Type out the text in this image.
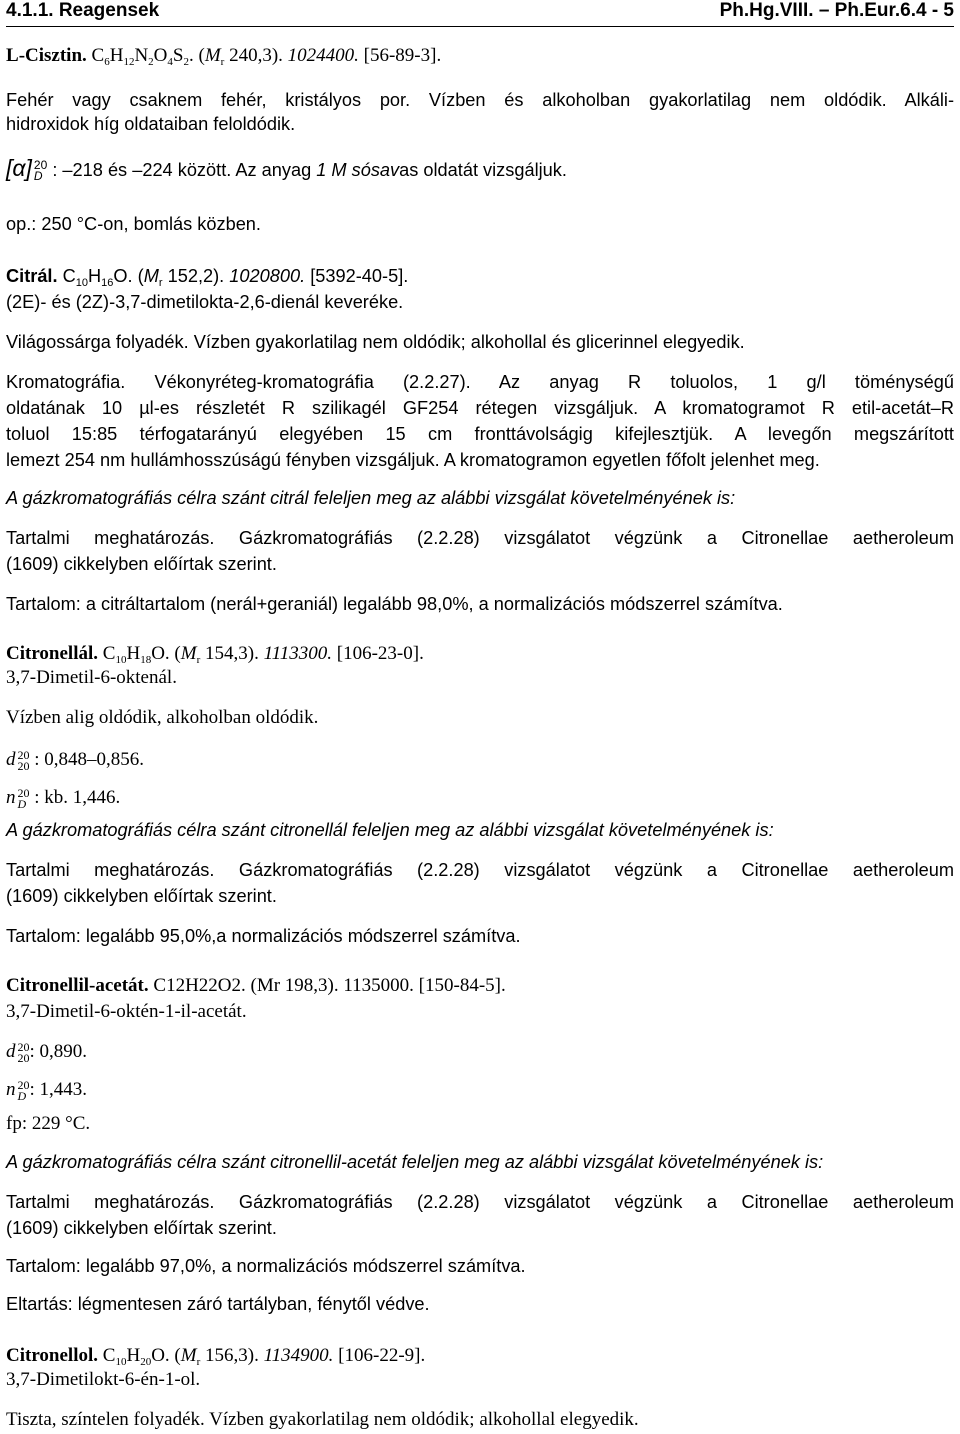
4.1.1. Reagensek	Ph.Hg.VIII. – Ph.Eur.6.4 - 5
L-Cisztin. $C_6H_{12}N_2O_4S_2$. ($M_r$ 240,3). 1024400. [56-89-3].
Fehér vagy csaknem fehér, kristályos por. Vízben és alkoholban gyakorlatilag nem oldódik. Alkáli-
hidroxidok híg oldataiban feloldódik.
[α] 20
D : –218 és –224 között. Az anyag 1 M sósavas oldatát vizsgáljuk.
op.: 250 °C-on, bomlás közben.
Citrál. $C_{10}H_{16}O$. ($M_r$ 152,2). 1020800. [5392-40-5].
(2E)- és (2Z)-3,7-dimetilokta-2,6-dienál keveréke.
Világossárga folyadék. Vízben gyakorlatilag nem oldódik; alkohollal és glicerinnel elegyedik.
Kromatográfia. Vékonyréteg-kromatográfia (2.2.27). Az anyag R toluolos, 1 g/l töménységű
oldatának 10 µl-es részletét R szilikagél GF254 rétegen vizsgáljuk. A kromatogramot R etil-acetát–R
toluol 15:85 térfogatarányú elegyében 15 cm fronttávolságig kifejlesztjük. A levegőn megszárított
lemezt 254 nm hullámhosszúságú fényben vizsgáljuk. A kromatogramon egyetlen főfolt jelenhet meg.
A gázkromatográfiás célra szánt citrál feleljen meg az alábbi vizsgálat követelményének is:
Tartalmi meghatározás. Gázkromatográfiás (2.2.28) vizsgálatot végzünk a Citronellae aetheroleum
(1609) cikkelyben előírtak szerint.
Tartalom: a citráltartalom (nerál+geraniál) legalább 98,0%, a normalizációs módszerrel számítva.
Citronellál. $C_{10}H_{18}O$. ($M_r$ 154,3). 1113300. [106-23-0].
3,7-Dimetil-6-oktenál.
Vízben alig oldódik, alkoholban oldódik.
d 20
20 : 0,848–0,856.
n 20
D : kb. 1,446.
A gázkromatográfiás célra szánt citronellál feleljen meg az alábbi vizsgálat követelményének is:
Tartalmi meghatározás. Gázkromatográfiás (2.2.28) vizsgálatot végzünk a Citronellae aetheroleum
(1609) cikkelyben előírtak szerint.
Tartalom: legalább 95,0%,a normalizációs módszerrel számítva.
Citronellil-acetát. C12H22O2. (Mr 198,3). 1135000. [150-84-5].
3,7-Dimetil-6-oktén-1-il-acetát.
d 20
20 : 0,890.
n 20
D : 1,443.
fp: 229 °C.
A gázkromatográfiás célra szánt citronellil-acetát feleljen meg az alábbi vizsgálat követelményének is:
Tartalmi meghatározás. Gázkromatográfiás (2.2.28) vizsgálatot végzünk a Citronellae aetheroleum
(1609) cikkelyben előírtak szerint.
Tartalom: legalább 97,0%, a normalizációs módszerrel számítva.
Eltartás: légmentesen záró tartályban, fénytől védve.
Citronellol. $C_{10}H_{20}O$. ($M_r$ 156,3). 1134900. [106-22-9].
3,7-Dimetilokt-6-én-1-ol.
Tiszta, színtelen folyadék. Vízben gyakorlatilag nem oldódik; alkohollal elegyedik.
